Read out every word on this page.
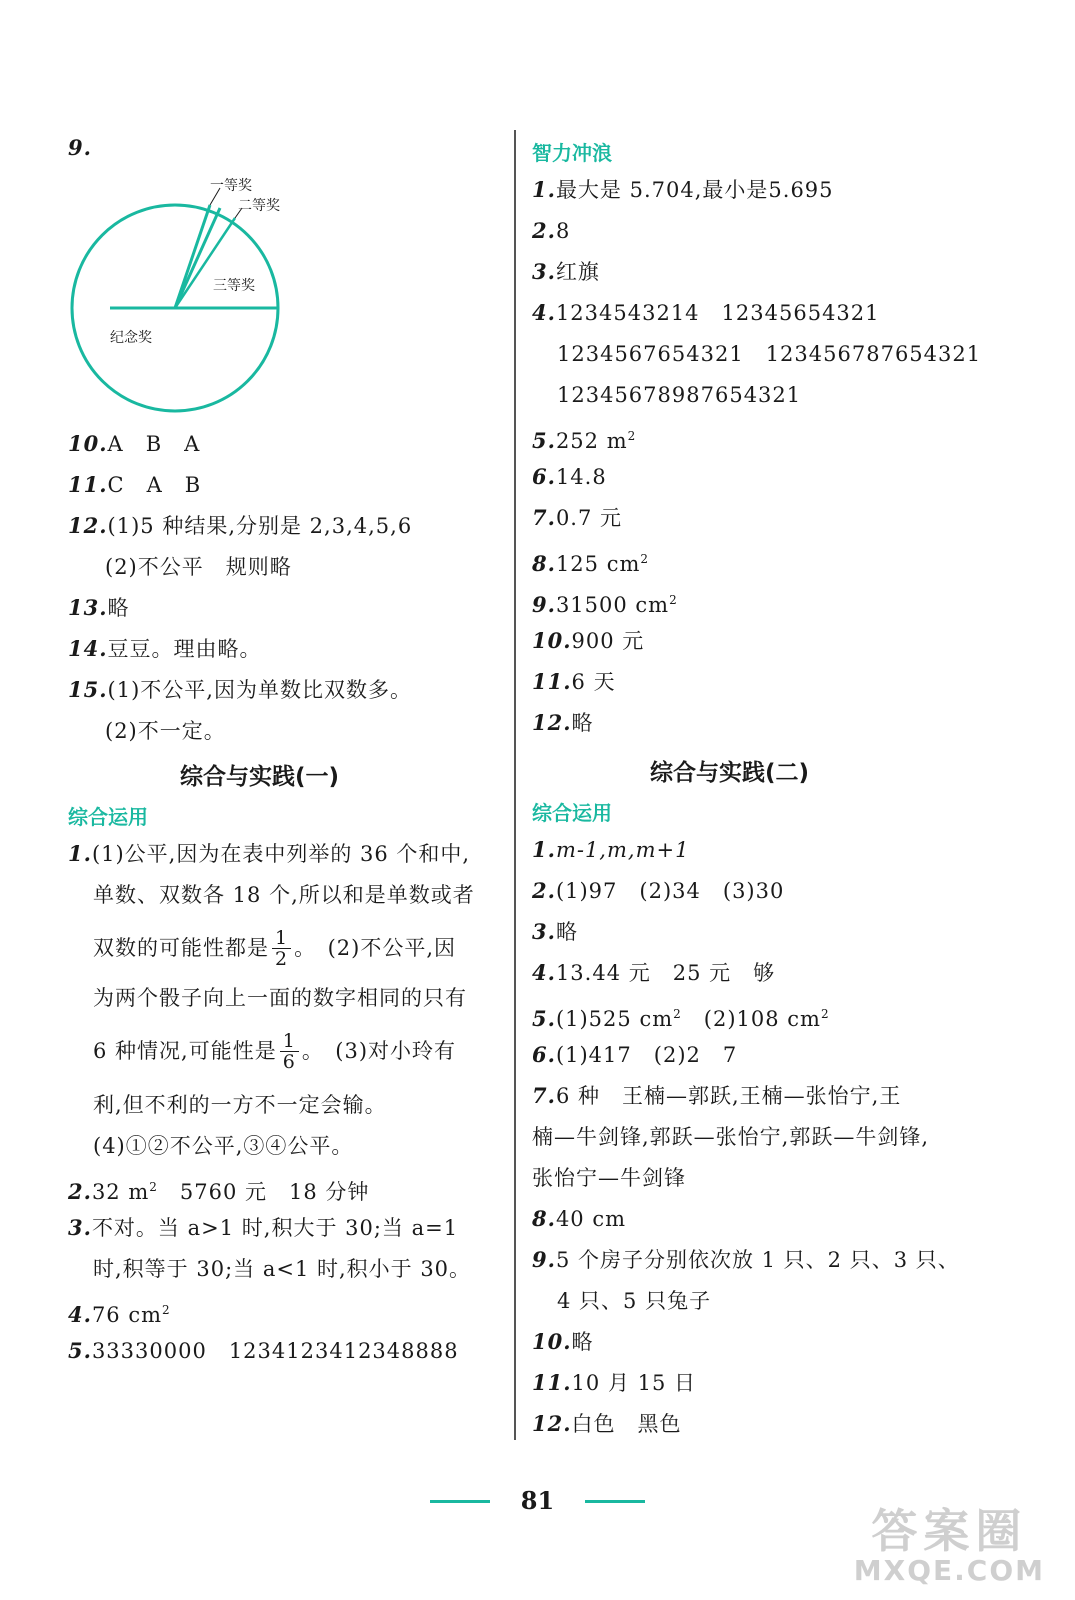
9.
一等奖
二等奖
三等奖
纪念奖
10.A　B　A
11.C　A　B
12.(1)5 种结果,分别是 2,3,4,5,6
(2)不公平　规则略
13.略
14.豆豆。理由略。
15.(1)不公平,因为单数比双数多。
(2)不一定。
综合与实践(一)
综合运用
1.(1)公平,因为在表中列举的 36 个和中,
单数、双数各 18 个,所以和是单数或者
双数的可能性都是 $\frac{1}{2}$ 。　(2)不公平,因
为两个骰子向上一面的数字相同的只有
6 种情况,可能性是 $\frac{1}{6}$ 。　(3)对小玲有
利,但不利的一方不一定会输。
(4)①②不公平,③④公平。
2.32 $m^2$　5760 元　18 分钟
3.不对。当 a>1 时,积大于 30;当 a=1
时,积等于 30;当 a<1 时,积小于 30。
4.76 $cm^2$
5.33330000　1234123412348888
智力冲浪
1.最大是 5.704,最小是5.695
2.8
3.红旗
4.1234543214　12345654321
1234567654321　123456787654321
12345678987654321
5.252 $m^2$
6.14.8
7.0.7 元
8.125 $cm^2$
9.31500 $cm^2$
10.900 元
11.6 天
12.略
综合与实践(二)
综合运用
1.m-1,m,m+1
2.(1)97　(2)34　(3)30
3.略
4.13.44 元　25 元　够
5.(1)525 $cm^2$　(2)108 $cm^2$
6.(1)417　(2)2　7
7.6 种　王楠—郭跃,王楠—张怡宁,王
楠—牛剑锋,郭跃—张怡宁,郭跃—牛剑锋,
张怡宁—牛剑锋
8.40 cm
9.5 个房子分别依次放 1 只、2 只、3 只、
4 只、5 只兔子
10.略
11.10 月 15 日
12.白色　黑色
81
答案圈
MXQE.COM
